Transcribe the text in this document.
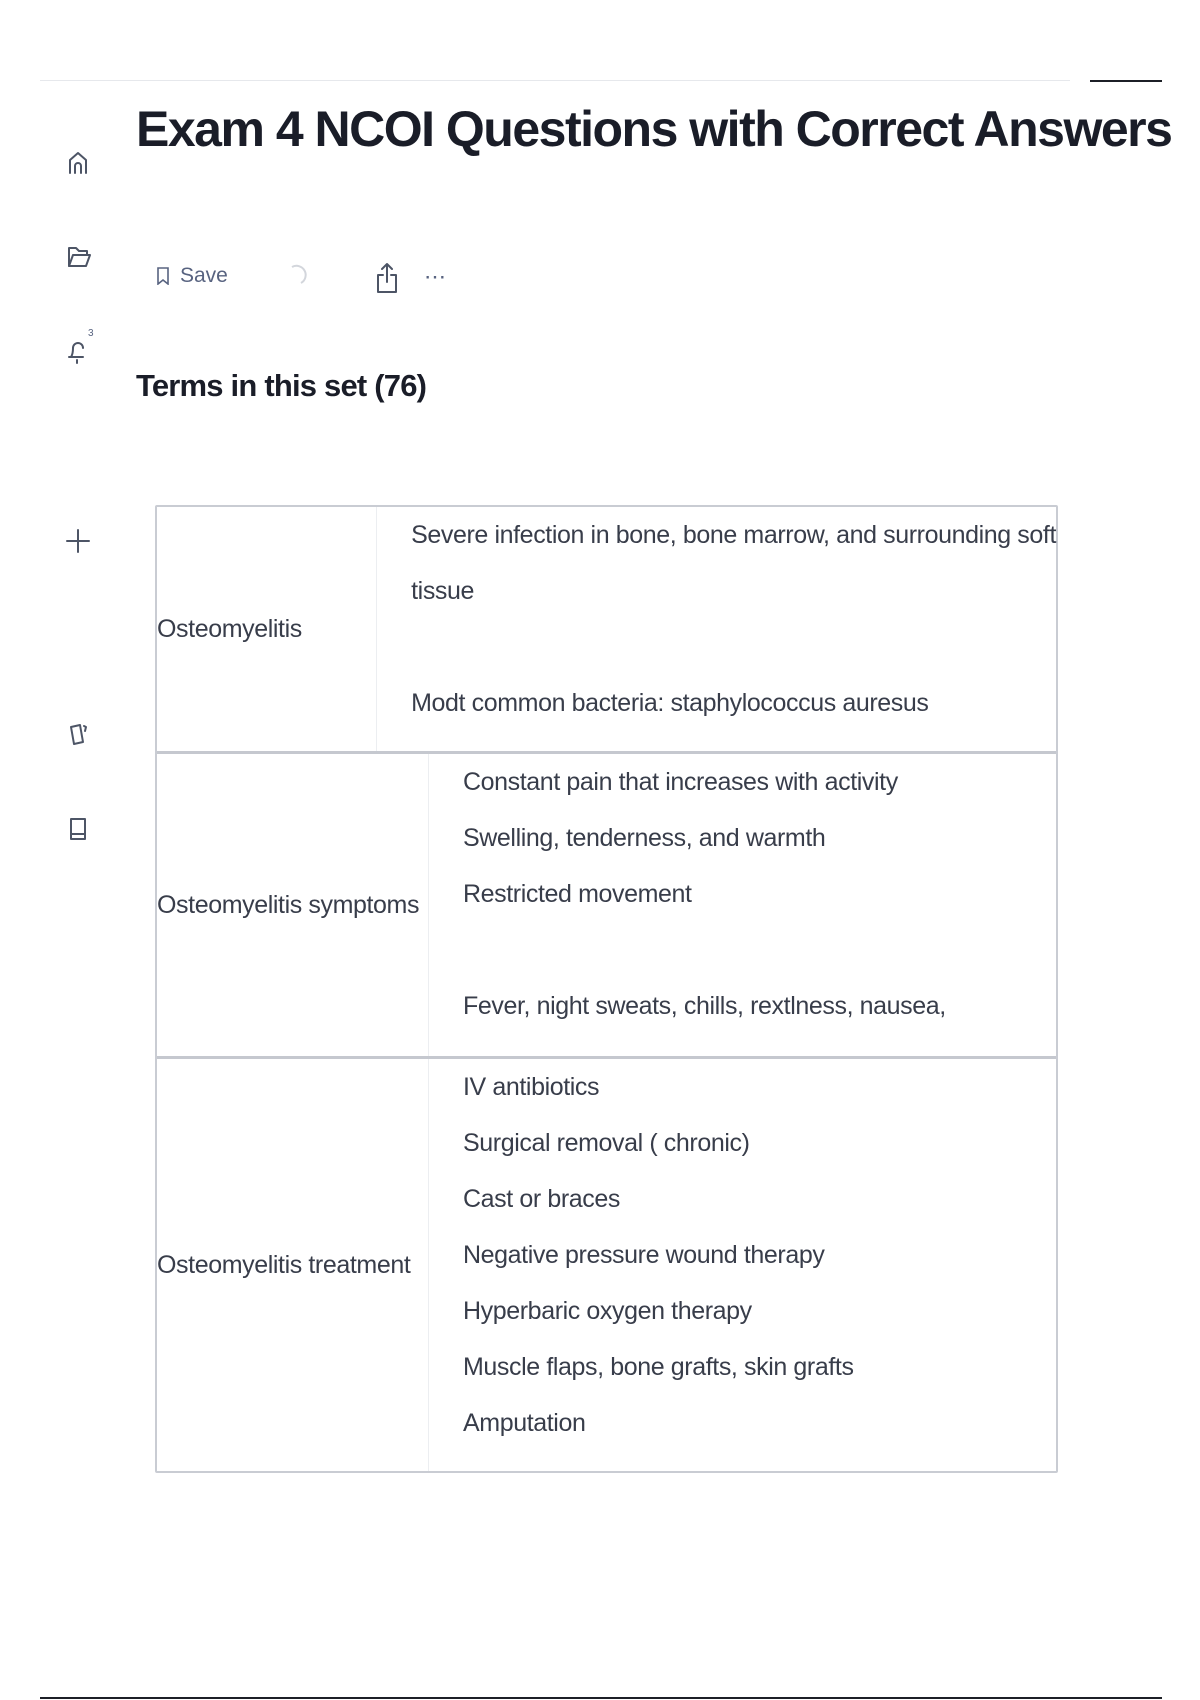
3
Exam 4 NCOI Questions with Correct Answers
Save	⋯
Terms in this set (76)
Osteomyelitis
Severe infection in bone, bone marrow, and surrounding soft
tissue
Modt common bacteria: staphylococcus auresus
Osteomyelitis symptoms
Constant pain that increases with activity
Swelling, tenderness, and warmth
Restricted movement
Fever, night sweats, chills, rextlness, nausea,
Osteomyelitis treatment
IV antibiotics
Surgical removal ( chronic)
Cast or braces
Negative pressure wound therapy
Hyperbaric oxygen therapy
Muscle flaps, bone grafts, skin grafts
Amputation
